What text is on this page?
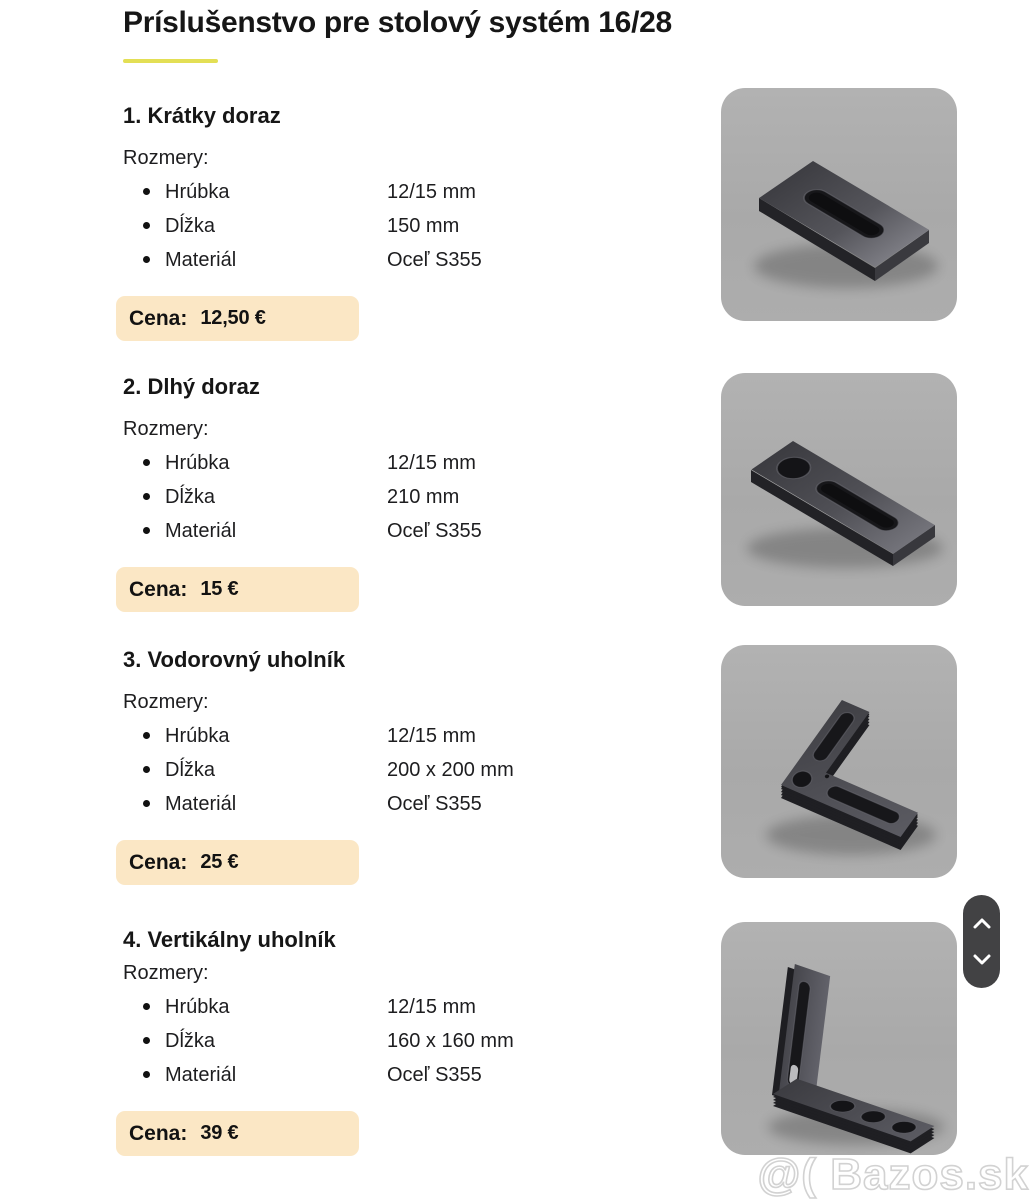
Príslušenstvo pre stolový systém 16/28
1. Krátky doraz
Rozmery:
Hrúbka	12/15 mm
Dĺžka	150 mm
Materiál	Oceľ S355
Cena: 12,50 €
2. Dlhý doraz
Rozmery:
Hrúbka	12/15 mm
Dĺžka	210 mm
Materiál	Oceľ S355
Cena: 15 €
3. Vodorovný uholník
Rozmery:
Hrúbka	12/15 mm
Dĺžka	200 x 200 mm
Materiál	Oceľ S355
Cena: 25 €
4. Vertikálny uholník
Rozmery:
Hrúbka	12/15 mm
Dĺžka	160 x 160 mm
Materiál	Oceľ S355
Cena: 39 €
@( Bazos.sk
